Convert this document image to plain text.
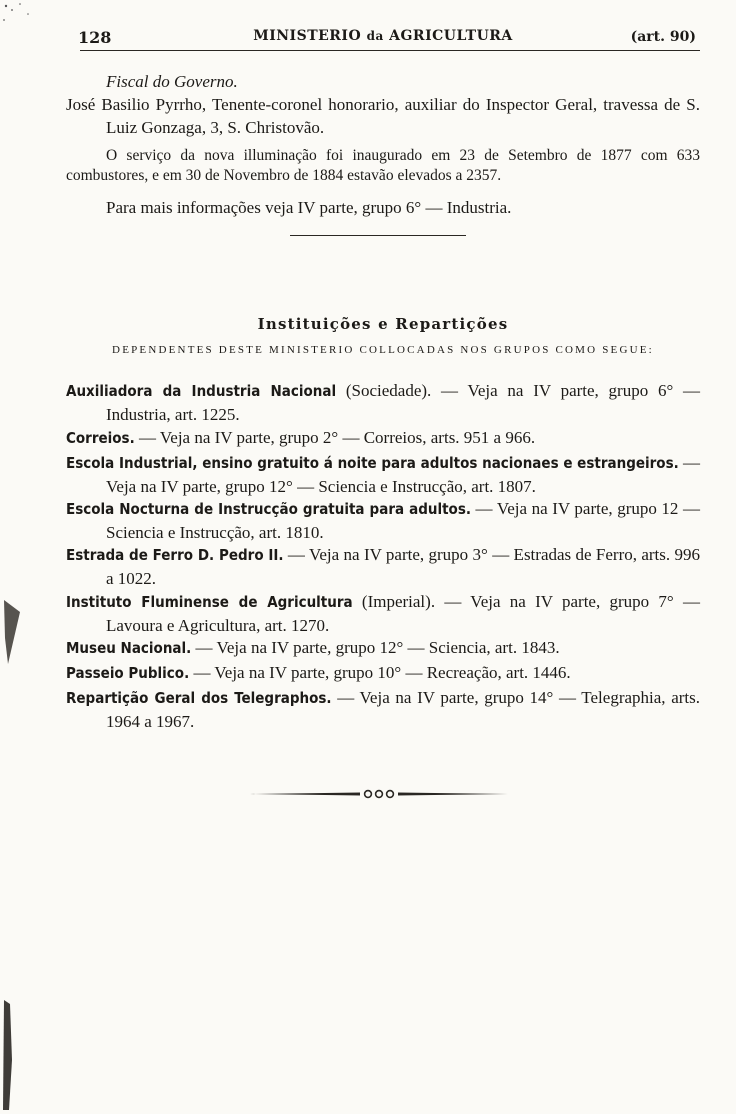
128	MINISTERIO da AGRICULTURA	(art. 90)

Fiscal do Governo.

José Basilio Pyrrho, Tenente-coronel honorario, auxiliar do Inspector Geral, travessa de S. Luiz Gonzaga, 3, S. Christovão.

O serviço da nova illuminação foi inaugurado em 23 de Setembro de 1877 com 633 combustores, e em 30 de Novembro de 1884 estavão elevados a 2357.

Para mais informações veja IV parte, grupo 6° — Industria.

Instituições e Repartições
DEPENDENTES DESTE MINISTERIO COLLOCADAS NOS GRUPOS COMO SEGUE:

Auxiliadora da Industria Nacional (Sociedade). — Veja na IV parte, grupo 6° — Industria, art. 1225.

Correios. — Veja na IV parte, grupo 2° — Correios, arts. 951 a 966.

Escola Industrial, ensino gratuito á noite para adultos nacionaes e estrangeiros. — Veja na IV parte, grupo 12° — Sciencia e Instrucção, art. 1807.

Escola Nocturna de Instrucção gratuita para adultos. — Veja na IV parte, grupo 12 — Sciencia e Instrucção, art. 1810.

Estrada de Ferro D. Pedro II. — Veja na IV parte, grupo 3° — Estradas de Ferro, arts. 996 a 1022.

Instituto Fluminense de Agricultura (Imperial). — Veja na IV parte, grupo 7° — Lavoura e Agricultura, art. 1270.

Museu Nacional. — Veja na IV parte, grupo 12° — Sciencia, art. 1843.

Passeio Publico. — Veja na IV parte, grupo 10° — Recreação, art. 1446.

Repartição Geral dos Telegraphos. — Veja na IV parte, grupo 14° — Telegraphia, arts. 1964 a 1967.
